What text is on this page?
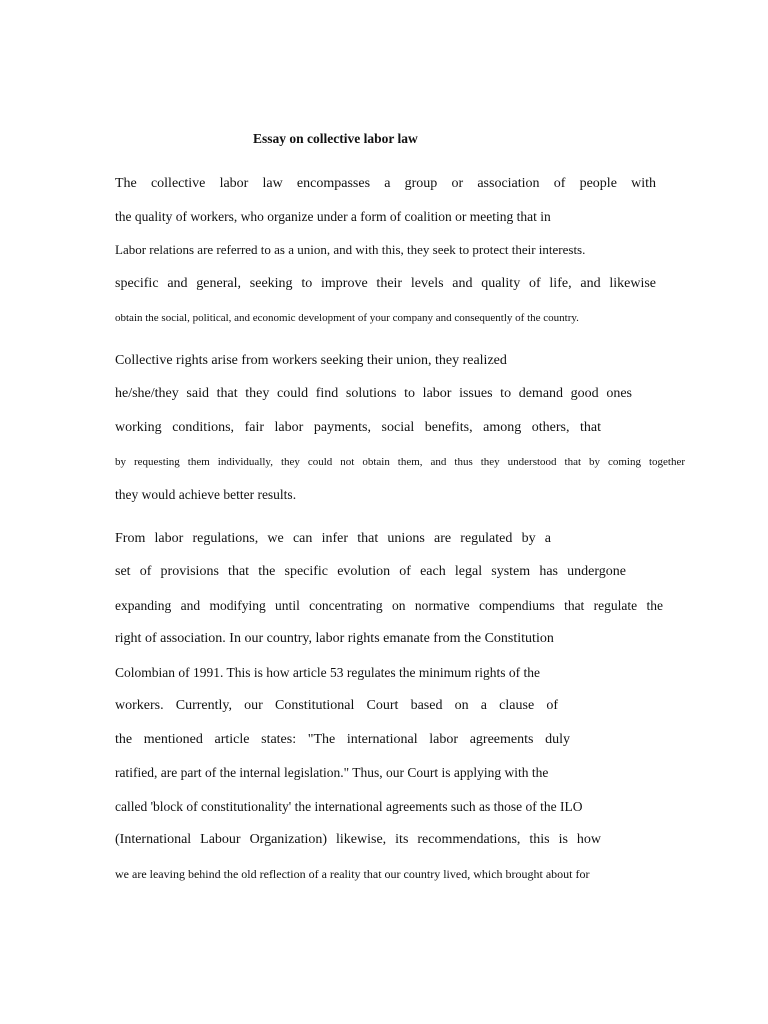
Essay on collective labor law
The collective labor law encompasses a group or association of people with
the quality of workers, who organize under a form of coalition or meeting that in
Labor relations are referred to as a union, and with this, they seek to protect their interests.
specific and general, seeking to improve their levels and quality of life, and likewise
obtain the social, political, and economic development of your company and consequently of the country.
Collective rights arise from workers seeking their union, they realized
he/she/they said that they could find solutions to labor issues to demand good ones
working conditions, fair labor payments, social benefits, among others, that
by requesting them individually, they could not obtain them, and thus they understood that by coming together
they would achieve better results.
From labor regulations, we can infer that unions are regulated by a
set of provisions that the specific evolution of each legal system has undergone
expanding and modifying until concentrating on normative compendiums that regulate the
right of association. In our country, labor rights emanate from the Constitution
Colombian of 1991. This is how article 53 regulates the minimum rights of the
workers. Currently, our Constitutional Court based on a clause of
the mentioned article states: "The international labor agreements duly
ratified, are part of the internal legislation." Thus, our Court is applying with the
called 'block of constitutionality' the international agreements such as those of the ILO
(International Labour Organization) likewise, its recommendations, this is how
we are leaving behind the old reflection of a reality that our country lived, which brought about for
